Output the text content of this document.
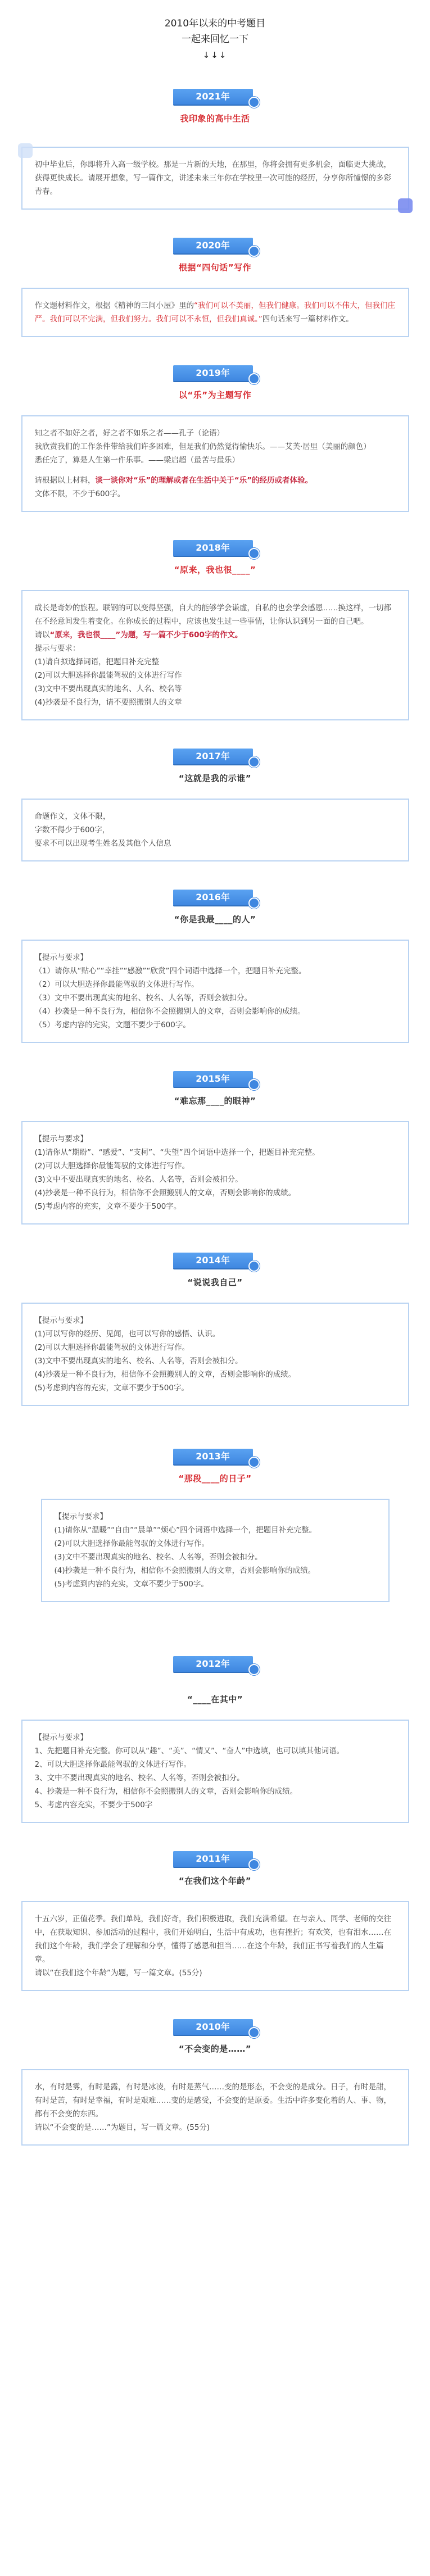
2010年以来的中考题目
一起来回忆一下
↓↓↓
2021年
我印象的高中生活

初中毕业后，你即将升入高一级学校。那是一片新的天地，在那里，你将会拥有更多机会，面临更大挑战，获得更快成长。请展开想象，写一篇作文，讲述未来三年你在学校里一次可能的经历，分享你所憧憬的多彩青春。

2020年
根据“四句话”写作

作文题材料作文，根据《精神的三间小屋》里的“我们可以不美丽，但我们健康。我们可以不伟大，但我们庄严。我们可以不完满，但我们努力。我们可以不永恒，但我们真诚。”四句话来写一篇材料作文。

2019年
以“乐”为主题写作

知之者不如好之者，好之者不如乐之者——孔子（论语）

我欣赏我们的工作条件带给我们许多困难，但是我们仍然觉得愉快乐。——艾芙·居里（美丽的颜色）

悉任完了，算是人生第一件乐事。——梁启超（最苦与最乐）

请根据以上材料，谈一谈你对“乐”的理解或者在生活中关于“乐”的经历或者体验。

文体不限，不少于600字。

2018年
“原来，我也很____”

成长是奇妙的旅程。联钢的可以变得坚强，自大的能够学会谦虚，自私的也会学会感恩……换这样，一切都在不经意间发生着变化。在你成长的过程中，应该也发生过一些事情，让你认识到另一面的自己吧。

请以“原来，我也很____”为题，写一篇不少于600字的作文。

提示与要求：

(1)请自拟选择词语，把题目补充完整

(2)可以大胆选择你最能驾驭的文体进行写作

(3)文中不要出现真实的地名、人名、校名等

(4)抄袭是不良行为，请不要照搬别人的文章

2017年
“这就是我的示谁”

命题作文，文体不限，

字数不得少于600字，

要求不可以出现考生姓名及其他个人信息

2016年
“你是我最____的人”

【提示与要求】

（1）请你从“贴心”“幸挂”“感激”“欣赏”四个词语中选择一个，把题目补充完整。

（2）可以大胆选择你最能驾驭的文体进行写作。

（3）文中不要出现真实的地名、校名、人名等，否则会被扣分。

（4）抄袭是一种不良行为，相信你不会照搬别人的文章，否则会影响你的成绩。

（5）考虑内容的完实，文题不要少于600字。

2015年
“难忘那____的眼神”

【提示与要求】

(1)请你从“期盼”、“感爱”、“支柯”、“失望”四个词语中选择一个，把题目补充完整。

(2)可以大胆选择你最能驾驭的文体进行写作。

(3)文中不要出现真实的地名、校名、人名等，否则会被扣分。

(4)抄袭是一种不良行为，相信你不会照搬别人的文章，否则会影响你的成绩。

(5)考虑内容的充实，文章不要少于500字。

2014年
“说说我自己”

【提示与要求】

(1)可以写你的经历、见闻，也可以写你的感悟、认识。

(2)可以大胆选择你最能驾驭的文体进行写作。

(3)文中不要出现真实的地名、校名、人名等，否则会被扣分。

(4)抄袭是一种不良行为，相信你不会照搬别人的文章，否则会影响你的成绩。

(5)考虑到内容的充实，文章不要少于500字。

2013年
“那段____的日子”

【提示与要求】

(1)请你从“温暖”“自由”“晨单”“烦心”四个词语中选择一个，把题目补充完整。

(2)可以大胆选择你最能驾驭的文体进行写作。

(3)文中不要出现真实的地名、校名、人名等，否则会被扣分。

(4)抄袭是一种不良行为，相信你不会照搬别人的文章，否则会影响你的成绩。

(5)考虑到内容的充实，文章不要少于500字。

2012年
“____在其中”

【提示与要求】

1、先把题目补充完整。你可以从“趣”、“美”、“情又”、“奋人”中选填，也可以填其他词语。

2、可以大胆选择你最能驾驭的文体进行写作。

3、文中不要出现真实的地名、校名、人名等，否则会被扣分。

4、抄袭是一种不良行为，相信你不会照搬别人的文章，否则会影响你的成绩。

5、考虑内容充实，不要少于500字

2011年
“在我们这个年龄”

十五六岁，正值花季。我们单纯，我们好奇，我们积极进取，我们充满希望。在与亲人、同学、老师的交往中，在获取知识、参加活动的过程中，我们开始明白，生活中有成功，也有挫折；有欢笑，也有泪水……在我们这个年龄，我们学会了理解和分享，懂得了感恩和担当……在这个年龄，我们正书写着我们的人生篇章。

请以“在我们这个年龄”为题，写一篇文章。(55分)

2010年
“不会变的是……”

水，有时是雾，有时是露，有时是冰凌，有时是蒸气……变的是形态，不会变的是成分。日子，有时是甜，有时是苦，有时是幸福，有时是艰难……变的是感受，不会变的是原委。生活中许多变化着的人、事、物，都有不会变的东西。

请以“不会变的是……”为题目，写一篇文章。(55分)
